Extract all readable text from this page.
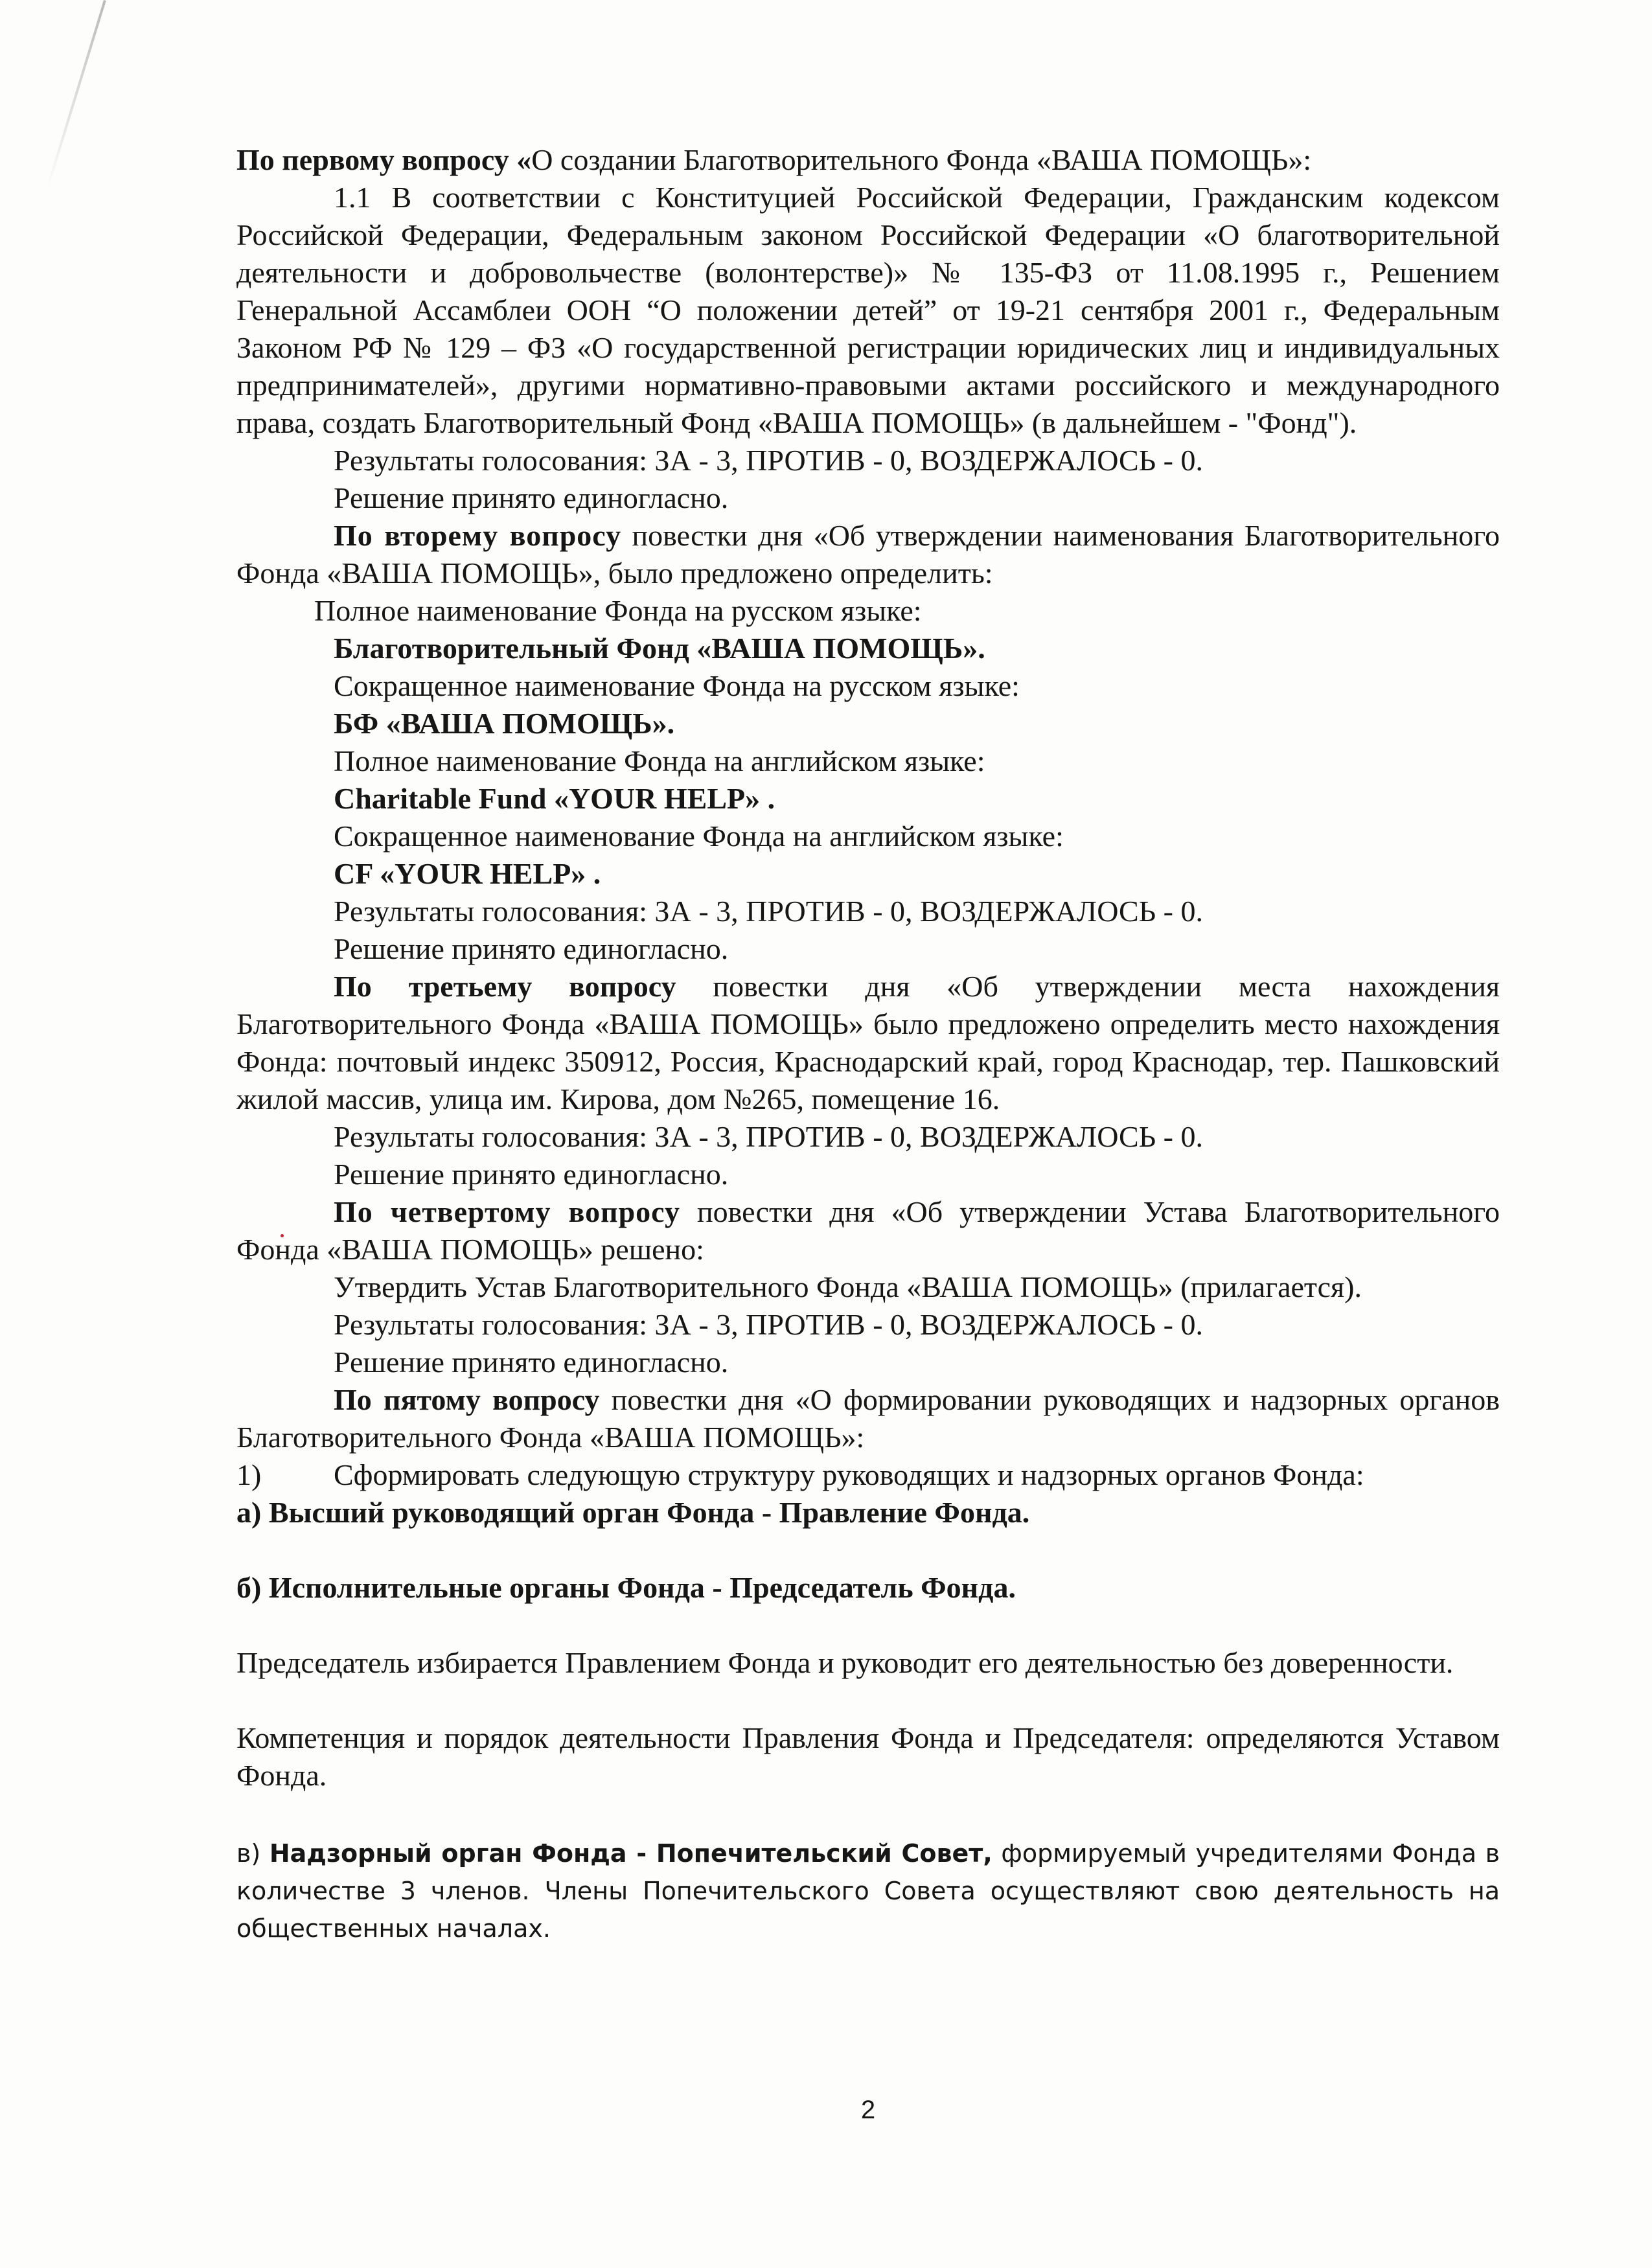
По первому вопросу «О создании Благотворительного Фонда «ВАША ПОМОЩЬ»:

1.1 В соответствии с Конституцией Российской Федерации, Гражданским кодексом Российской Федерации, Федеральным законом Российской Федерации «О благотворительной деятельности и добровольчестве (волонтерстве)» № 135-ФЗ от 11.08.1995 г., Решением Генеральной Ассамблеи ООН “О положении детей” от 19-21 сентября 2001 г., Федеральным Законом РФ № 129 – ФЗ «О государственной регистрации юридических лиц и индивидуальных предпринимателей», другими нормативно-правовыми актами российского и международного права, создать Благотворительный Фонд «ВАША ПОМОЩЬ» (в дальнейшем - "Фонд").

Результаты голосования: ЗА - 3, ПРОТИВ - 0, ВОЗДЕРЖАЛОСЬ - 0.

Решение принято единогласно.

По вторему вопросу повестки дня «Об утверждении наименования Благотворительного Фонда «ВАША ПОМОЩЬ», было предложено определить:

Полное наименование Фонда на русском языке:

Благотворительный Фонд «ВАША ПОМОЩЬ».

Сокращенное наименование Фонда на русском языке:

БФ «ВАША ПОМОЩЬ».

Полное наименование Фонда на английском языке:

Charitable Fund «YOUR HELP» .

Сокращенное наименование Фонда на английском языке:

CF «YOUR HELP» .

Результаты голосования: ЗА - 3, ПРОТИВ - 0, ВОЗДЕРЖАЛОСЬ - 0.

Решение принято единогласно.

По третьему вопросу повестки дня «Об утверждении места нахождения Благотворительного Фонда «ВАША ПОМОЩЬ» было предложено определить место нахождения Фонда: почтовый индекс 350912, Россия, Краснодарский край, город Краснодар, тер. Пашковский жилой массив, улица им. Кирова, дом №265, помещение 16.

Результаты голосования: ЗА - 3, ПРОТИВ - 0, ВОЗДЕРЖАЛОСЬ - 0.

Решение принято единогласно.

По четвертому вопросу повестки дня «Об утверждении Устава Благотворительного Фонда «ВАША ПОМОЩЬ» решено:

Утвердить Устав Благотворительного Фонда «ВАША ПОМОЩЬ» (прилагается).

Результаты голосования: ЗА - 3, ПРОТИВ - 0, ВОЗДЕРЖАЛОСЬ - 0.

Решение принято единогласно.

По пятому вопросу повестки дня «О формировании руководящих и надзорных органов Благотворительного Фонда «ВАША ПОМОЩЬ»:

1) Сформировать следующую структуру руководящих и надзорных органов Фонда:

а) Высший руководящий орган Фонда - Правление Фонда.

б) Исполнительные органы Фонда - Председатель Фонда.

Председатель избирается Правлением Фонда и руководит его деятельностью без доверенности.

Компетенция и порядок деятельности Правления Фонда и Председателя: определяются Уставом Фонда.

в) Надзорный орган Фонда - Попечительский Совет, формируемый учредителями Фонда в количестве 3 членов. Члены Попечительского Совета осуществляют свою деятельность на общественных началах.

2
